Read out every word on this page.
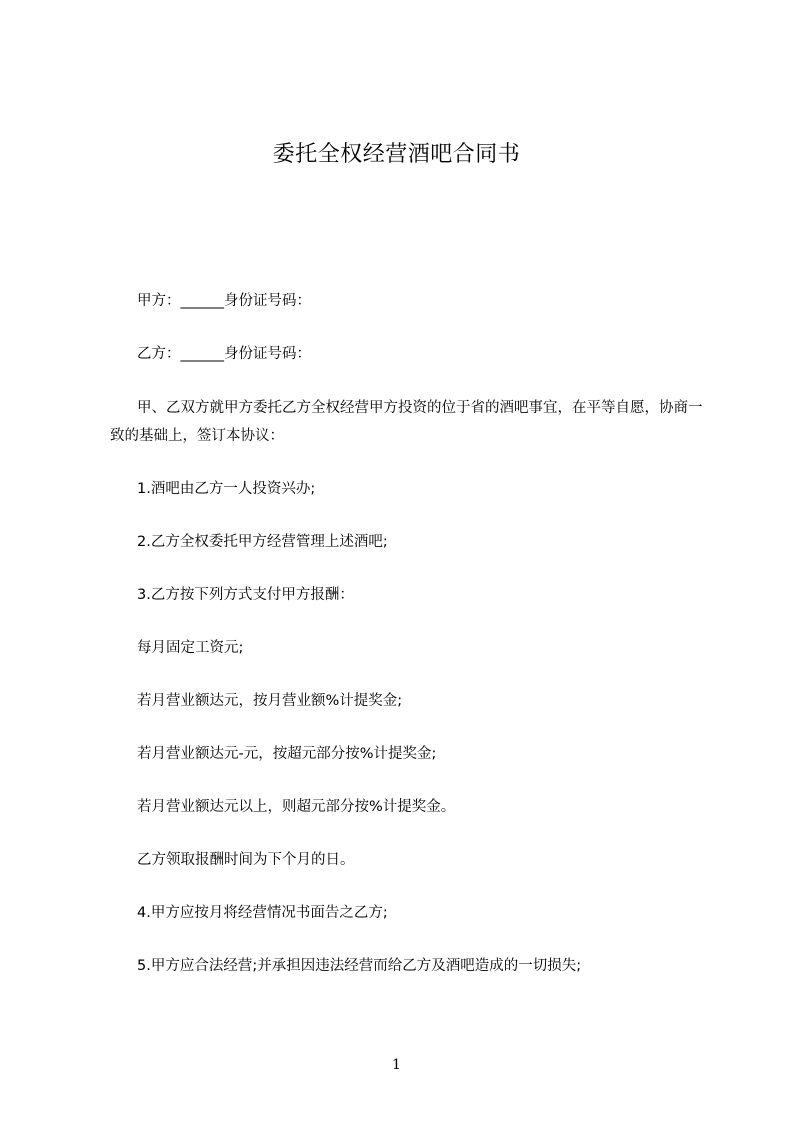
委托全权经营酒吧合同书
甲方：______身份证号码：
乙方：______身份证号码：
甲、乙双方就甲方委托乙方全权经营甲方投资的位于省的酒吧事宜，在平等自愿，协商一致的基础上，签订本协议：
1.酒吧由乙方一人投资兴办;
2.乙方全权委托甲方经营管理上述酒吧;
3.乙方按下列方式支付甲方报酬：
每月固定工资元;
若月营业额达元，按月营业额%计提奖金;
若月营业额达元-元，按超元部分按%计提奖金;
若月营业额达元以上，则超元部分按%计提奖金。
乙方领取报酬时间为下个月的日。
4.甲方应按月将经营情况书面告之乙方;
5.甲方应合法经营;并承担因违法经营而给乙方及酒吧造成的一切损失;
1
